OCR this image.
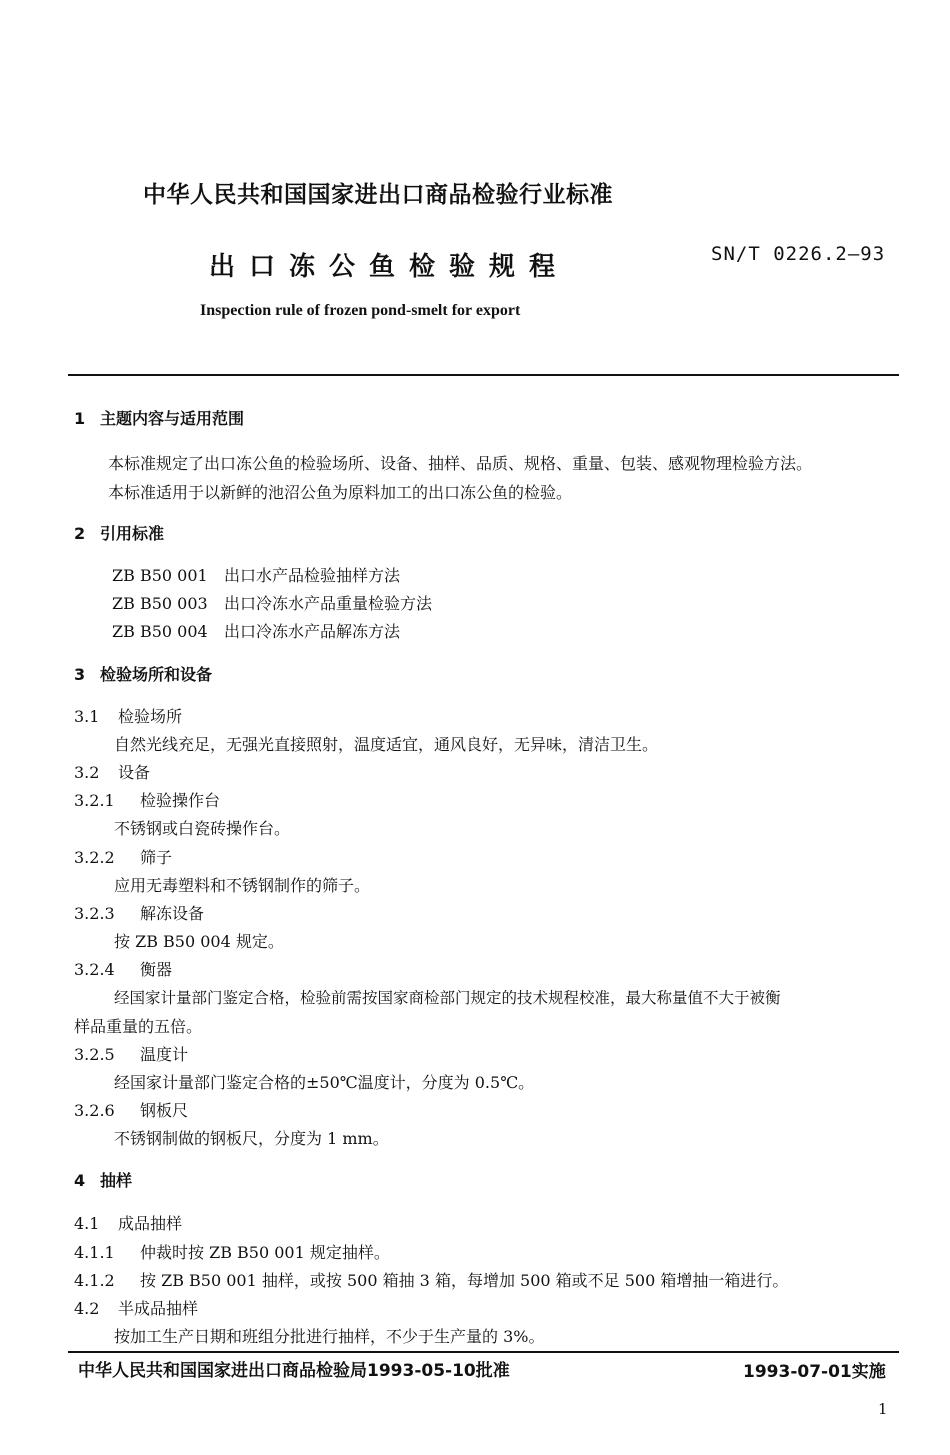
中华人民共和国国家进出口商品检验行业标准
出口冻公鱼检验规程	SN/T 0226.2—93
Inspection rule of frozen pond-smelt for export
1 主题内容与适用范围
本标准规定了出口冻公鱼的检验场所、设备、抽样、品质、规格、重量、包装、感观物理检验方法。
本标准适用于以新鲜的池沼公鱼为原料加工的出口冻公鱼的检验。
2 引用标准
ZB B50 001 出口水产品检验抽样方法
ZB B50 003 出口冷冻水产品重量检验方法
ZB B50 004 出口冷冻水产品解冻方法
3 检验场所和设备
3.1 检验场所
自然光线充足，无强光直接照射，温度适宜，通风良好，无异味，清洁卫生。
3.2 设备
3.2.1 检验操作台
不锈钢或白瓷砖操作台。
3.2.2 筛子
应用无毒塑料和不锈钢制作的筛子。
3.2.3 解冻设备
按 ZB B50 004 规定。
3.2.4 衡器
经国家计量部门鉴定合格，检验前需按国家商检部门规定的技术规程校准，最大称量值不大于被衡
样品重量的五倍。
3.2.5 温度计
经国家计量部门鉴定合格的±50℃温度计，分度为 0.5℃。
3.2.6 钢板尺
不锈钢制做的钢板尺，分度为 1 mm。
4 抽样
4.1 成品抽样
4.1.1 仲裁时按 ZB B50 001 规定抽样。
4.1.2 按 ZB B50 001 抽样，或按 500 箱抽 3 箱，每增加 500 箱或不足 500 箱增抽一箱进行。
4.2 半成品抽样
按加工生产日期和班组分批进行抽样，不少于生产量的 3%。
中华人民共和国国家进出口商品检验局1993-05-10批准	1993-07-01实施
1
